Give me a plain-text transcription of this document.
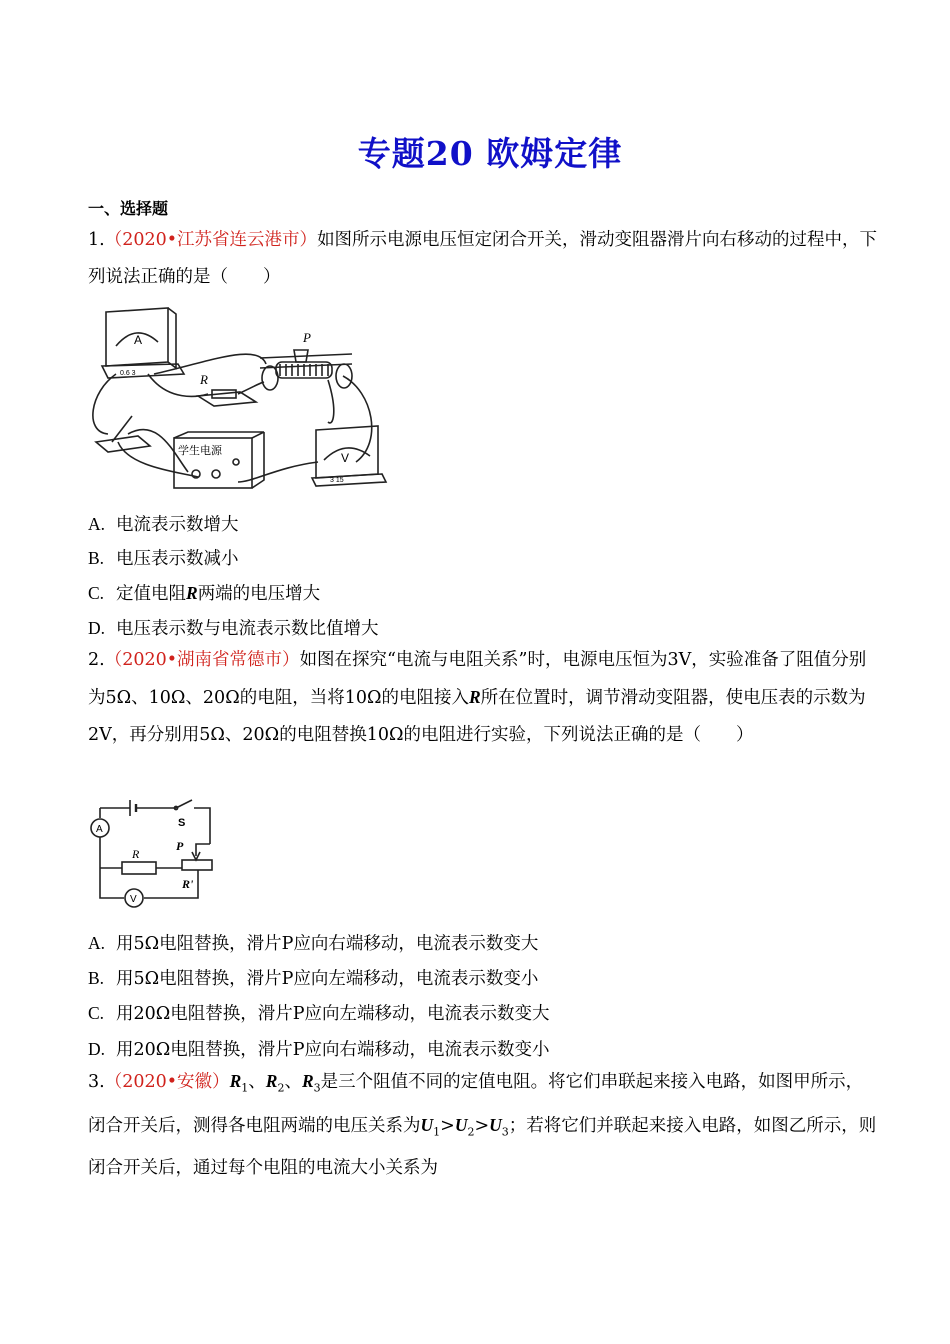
专题20 欧姆定律
一、选择题
1.（2020•江苏省连云港市）如图所示电源电压恒定闭合开关，滑动变阻器滑片向右移动的过程中，下列说法正确的是（　　）
A
0.6 3	R
P
学生电源
V
3 15
A. 电流表示数增大
B. 电压表示数减小
C. 定值电阻R两端的电压增大
D. 电压表示数与电流表示数比值增大
2.（2020•湖南省常德市）如图在探究“电流与电阻关系”时，电源电压恒为3V，实验准备了阻值分别为5Ω、10Ω、20Ω的电阻，当将10Ω的电阻接入R所在位置时，调节滑动变阻器，使电压表的示数为2V，再分别用5Ω、20Ω的电阻替换10Ω的电阻进行实验，下列说法正确的是（　　）
A
V
S
R
P
R'
A. 用5Ω电阻替换，滑片P应向右端移动，电流表示数变大
B. 用5Ω电阻替换，滑片P应向左端移动，电流表示数变小
C. 用20Ω电阻替换，滑片P应向左端移动，电流表示数变大
D. 用20Ω电阻替换，滑片P应向右端移动，电流表示数变小
3.（2020•安徽）$R_1$、$R_2$、$R_3$是三个阻值不同的定值电阻。将它们串联起来接入电路，如图甲所示，闭合开关后，测得各电阻两端的电压关系为$U_1>U_2>U_3$；若将它们并联起来接入电路，如图乙所示，则闭合开关后，通过每个电阻的电流大小关系为
